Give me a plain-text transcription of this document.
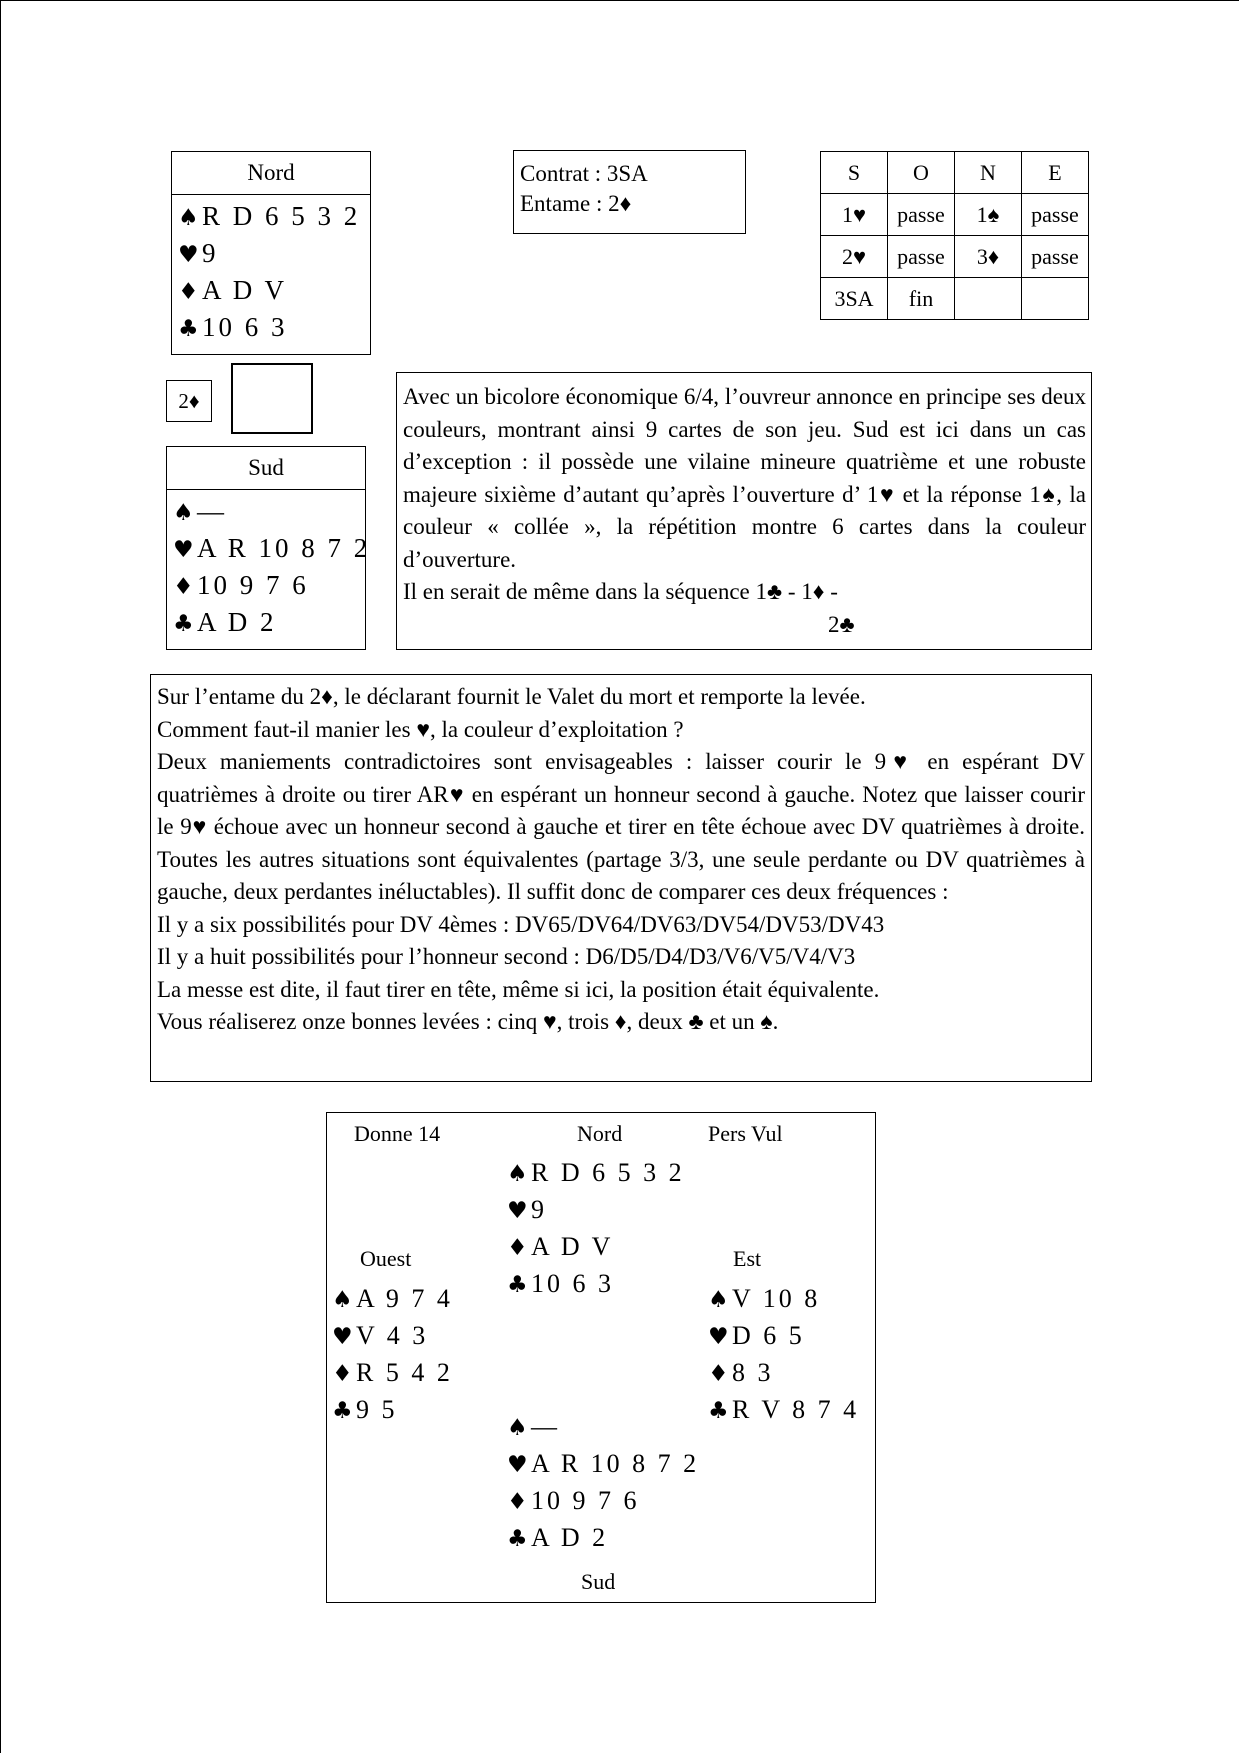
Nord
♠ R D 6 5 3 2
♥ 9
♦ A D V
♣ 10 6 3
Contrat : 3SA
Entame : 2♦
S	O	N	E
1♥	passe	1♠	passe
2♥	passe	3♦	passe
3SA	fin		
2♦
Sud
♠ —
♥ A R 10 8 7 2
♦ 10 9 7 6
♣ A D 2
Avec un bicolore économique 6/4, l’ouvreur annonce en principe ses deux couleurs, montrant ainsi 9 cartes de son jeu. Sud est ici dans un cas d’exception : il possède une vilaine mineure quatrième et une robuste majeure sixième d’autant qu’après l’ouverture d’ 1♥ et la réponse 1♠, la couleur « collée », la répétition montre 6 cartes dans la couleur d’ouverture.
Il en serait de même dans la séquence 1♣ - 1♦ -
2♣
Sur l’entame du 2♦, le déclarant fournit le Valet du mort et remporte la levée.
Comment faut-il manier les ♥, la couleur d’exploitation ?
Deux maniements contradictoires sont envisageables : laisser courir le 9♥ en espérant DV quatrièmes à droite ou tirer AR♥ en espérant un honneur second à gauche. Notez que laisser courir le 9♥ échoue avec un honneur second à gauche et tirer en tête échoue avec DV quatrièmes à droite. Toutes les autres situations sont équivalentes (partage 3/3, une seule perdante ou DV quatrièmes à gauche, deux perdantes inéluctables). Il suffit donc de comparer ces deux fréquences :
Il y a six possibilités pour DV 4èmes : DV65/DV64/DV63/DV54/DV53/DV43
Il y a huit possibilités pour l’honneur second : D6/D5/D4/D3/V6/V5/V4/V3
La messe est dite, il faut tirer en tête, même si ici, la position était équivalente.
Vous réaliserez onze bonnes levées : cinq ♥, trois ♦, deux ♣ et un ♠.
Donne 14	Nord	Pers Vul
Ouest	Est
Sud
♠ R D 6 5 3 2
♥ 9
♦ A D V
♣ 10 6 3
♠ A 9 7 4
♥ V 4 3
♦ R 5 4 2
♣ 9 5
♠ V 10 8
♥ D 6 5
♦ 8 3
♣ R V 8 7 4
♠ —
♥ A R 10 8 7 2
♦ 10 9 7 6
♣ A D 2
